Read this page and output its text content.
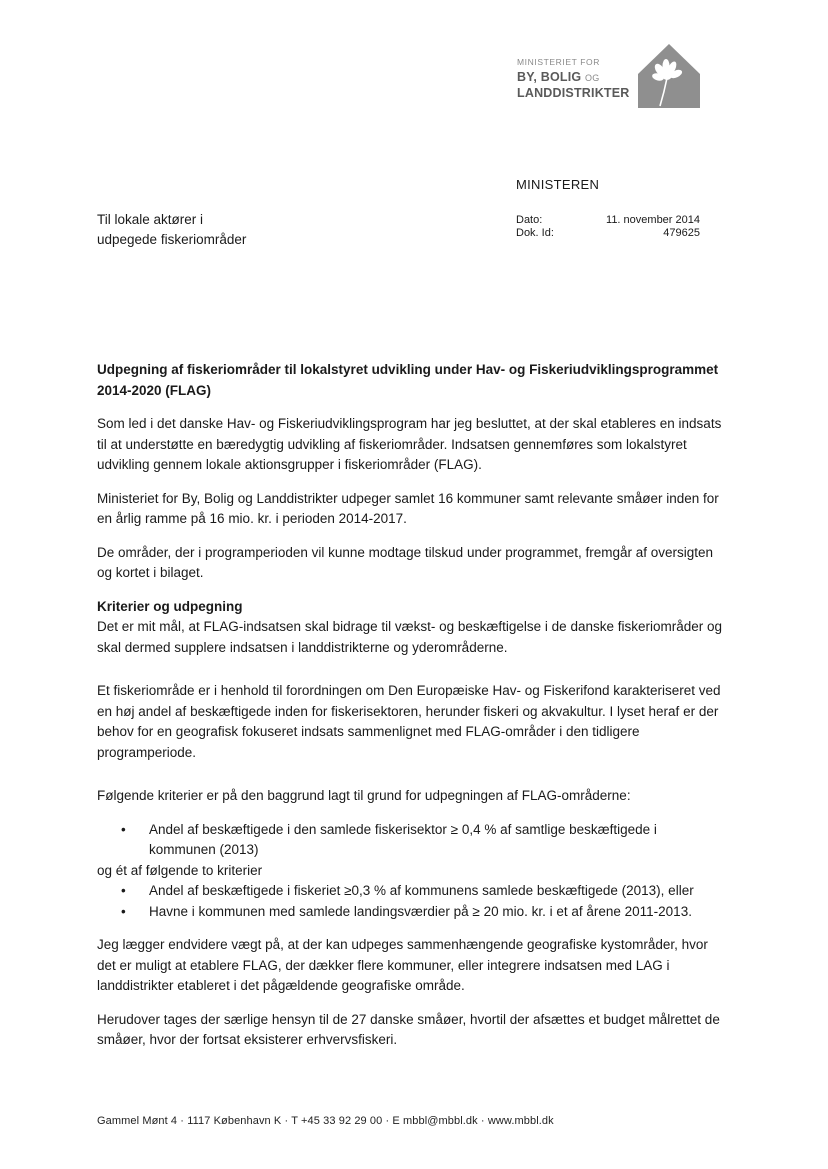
MINISTERIET FOR
BY, BOLIG OG
LANDDISTRIKTER
MINISTEREN
Til lokale aktører i
udpegede fiskeriområder
Dato:	11. november 2014
Dok. Id:	479625
Udpegning af fiskeriområder til lokalstyret udvikling under Hav- og Fiskeriudviklingsprogrammet 2014-2020 (FLAG)

Som led i det danske Hav- og Fiskeriudviklingsprogram har jeg besluttet, at der skal etableres en indsats til at understøtte en bæredygtig udvikling af fiskeriområder. Indsatsen gennemføres som lokalstyret udvikling gennem lokale aktionsgrupper i fiskeriområder (FLAG).

Ministeriet for By, Bolig og Landdistrikter udpeger samlet 16 kommuner samt relevante småøer inden for en årlig ramme på 16 mio. kr. i perioden 2014-2017.

De områder, der i programperioden vil kunne modtage tilskud under programmet, fremgår af oversigten og kortet i bilaget.

Kriterier og udpegning

Det er mit mål, at FLAG-indsatsen skal bidrage til vækst- og beskæftigelse i de danske fiskeriområder og skal dermed supplere indsatsen i landdistrikterne og yderområderne.

Et fiskeriområde er i henhold til forordningen om Den Europæiske Hav- og Fiskerifond karakteriseret ved en høj andel af beskæftigede inden for fiskerisektoren, herunder fiskeri og akvakultur. I lyset heraf er der behov for en geografisk fokuseret indsats sammenlignet med FLAG-områder i den tidligere programperiode.

Følgende kriterier er på den baggrund lagt til grund for udpegningen af FLAG-områderne:

• Andel af beskæftigede i den samlede fiskerisektor ≥ 0,4 % af samtlige beskæftigede i kommunen (2013)
og ét af følgende to kriterier
• Andel af beskæftigede i fiskeriet ≥0,3 % af kommunens samlede beskæftigede (2013), eller
• Havne i kommunen med samlede landingsværdier på ≥ 20 mio. kr. i et af årene 2011-2013.

Jeg lægger endvidere vægt på, at der kan udpeges sammenhængende geografiske kystområder, hvor det er muligt at etablere FLAG, der dækker flere kommuner, eller integrere indsatsen med LAG i landdistrikter etableret i det pågældende geografiske område.

Herudover tages der særlige hensyn til de 27 danske småøer, hvortil der afsættes et budget målrettet de småøer, hvor der fortsat eksisterer erhvervsfiskeri.

Gammel Mønt 4 · 1117 København K · T +45 33 92 29 00 · E mbbl@mbbl.dk · www.mbbl.dk
